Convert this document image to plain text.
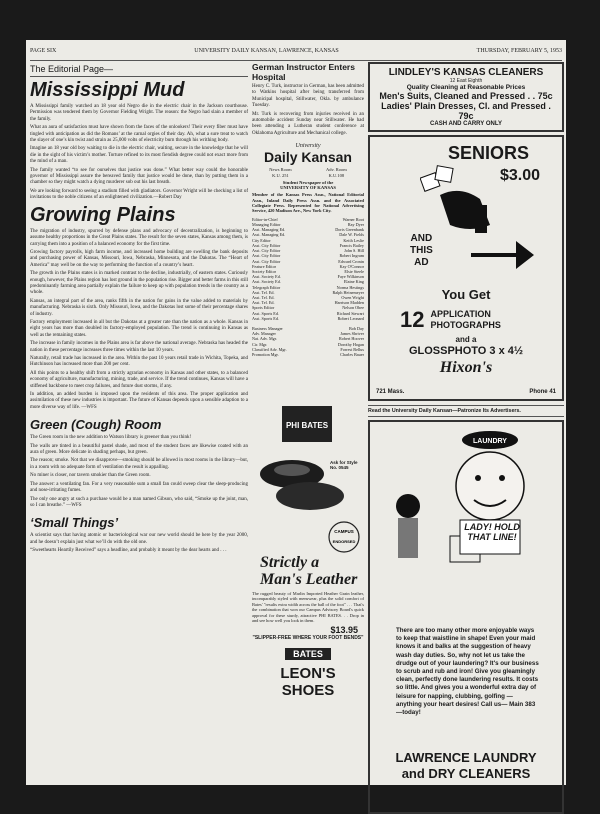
PAGE SIX	UNIVERSITY DAILY KANSAN, LAWRENCE, KANSAS	THURSDAY, FEBRUARY 5, 1953
The Editorial Page—
Mississippi Mud

A Mississippi family watched an 18 year old Negro die in the electric chair in the Jackson courthouse. Permission was tendered them by Governor Fielding Wright. The reason: the Negro had slain a member of the family.

What an aura of satisfaction must have shown from the faces of the onlookers! Their every fiber must have tingled with anticipation as did the Romans’ at the carnal orgies of their day. Ah, what a sure treat to watch the slayer of one’s kin twist and strain as 25,000 volts of electricity burn through his writhing body.

Imagine an 18 year old boy waiting to die in the electric chair, waiting, secure in the knowledge that he will die in the sight of his victim’s mother. Torture refined to its most fiendish degree could not exact more from the mind of a man.

The family wanted “to see for ourselves that justice was done.” What better way could the honorable governor of Mississippi assure the bereaved family that justice would be done, than by putting them in a chamber so they might watch a dying murderer sob out his last breath.

We are looking forward to seeing a stadium filled with gladiators. Governor Wright will be checking a list of invitations to the noble citizens of an enlightened civilization.—Robert Day

Growing Plains

The migration of industry, spurred by defense plans and advocacy of decentralization, is beginning to assume healthy proportions in the Great Plains states. The result for the seven states, Kansas among them, is carrying them into a position of a balanced economy for the first time.

Growing factory payrolls, high farm income, and increased home building are swelling the bank deposits and purchasing power of Kansas, Missouri, Iowa, Nebraska, Minnesota, and the Dakotas. The “Heart of America” may well be on the way to performing the function of a country’s heart.

The growth in the Plains states is in marked contrast to the decline, industrially, of eastern states. Curiously enough, however, the Plains region has lost ground in the population rise. Bigger and better farms in this still predominantly farming area partially explain the failure to keep up with population trends in the country as a whole.

Kansas, an integral part of the area, ranks fifth in the nation for gains in the value added to materials by manufacturing. Nebraska is sixth. Only Missouri, Iowa, and the Dakotas lost some of their percentage shares of industry.

Factory employment increased in all but the Dakotas at a greater rate than the nation as a whole. Kansas in eight years has more than doubled its factory-employed population. The trend is continuing in Kansas as well as the remaining states.

The increase in family incomes in the Plains area is far above the national average. Nebraska has headed the nation in these percentage increases three times within the last 10 years.

Naturally, retail trade has increased in the area. Within the past 10 years retail trade in Wichita, Topeka, and Hutchinson has increased more than 200 per cent.

All this points to a healthy shift from a strictly agrarian economy in Kansas and other states, to a balanced economy of agriculture, manufacturing, mining, trade, and service. If the trend continues, Kansas will have a stiffened backbone to meet crop failures, and future dust storms, if any.

In addition, an added burden is imposed upon the residents of this area. The proper application and assimilation of these new industries is important. The future of Kansas depends upon a sensible adaption to a more diverse way of life. —WFS

Green (Cough) Room

The Green room in the new addition to Watson library is greener than you think!

The walls are tinted in a beautiful pastel shade, and most of the student faces are likewise coated with an aura of green. More delicate in shading perhaps, but green.

The reason; smoke. Not that we disapprove—smoking should be allowed in most rooms in the library—but, in a room with no adequate form of ventilation the result is appalling.

No miner is closer, nor tavern smokier than the Green room.

The answer: a ventilating fan. For a very reasonable sum a small fan could sweep clear the sleep-producing and nose-irritating fumes.

The only one angry at such a purchase would be a man named Gibson, who said, “Smoke up the joint, man, so I can breathe.” —WFS

‘Small Things’

A scientist says that having atomic or bacteriological war our new world should be here by the year 2000, and he doesn’t explain just what we’ll do with the old one.

“Sweethearts Heartily Received” says a headline, and probably it meant by the dear hearts and . . .

German Instructor Enters Hospital

Henry C. Turk, instructor in German, has been admitted to Watkins hospital after being transferred from Municipal hospital, Stillwater, Okla. by ambulance Tuesday.

Mr. Turk is recovering from injuries received in an automobile accident Sunday near Stillwater. He had been attending a Lutheran student conference at Oklahoma Agriculture and Mechanical college.

University
Daily Kansan
News Room
K.U. 251
Adv. Room
K.U.108
Student Newspaper of the
UNIVERSITY OF KANSAS

Member of the Kansas Press Assn., National Editorial Assn., Inland Daily Press Assn. and the Associated Collegiate Press. Represented for National Advertising Service, 420 Madison Ave., New York City.

Editor-in-Chief	Warner Root
Managing Editor	Ray Dyer
Asst. Managing Ed.	Doris Greenbank
Asst. Managing Ed.	Dale W. Fields
City Editor	Keith Leslie
Asst. City Editor	Francis Bailey
Asst. City Editor	John S. Hill
Asst. City Editor	Robert Ingram
Asst. City Editor	Edward Cronin
Feature Editor	Kay O'Connor
Society Editor	Elsie Steele
Asst. Society Ed.	Faye Wilkinson
Asst. Society Ed.	Elaine King
Telegraph Editor	Norma Hestings
Asst. Tel. Ed.	Ralph Heinemeyer
Asst. Tel. Ed.	Owen Wright
Asst. Tel. Ed.	Harrison Madden
Sports Editor	Nelson Obee
Asst. Sports Ed.	Richard Stewart
Asst. Sports Ed.	Robert Leonard
Business Manager	Bob Day
Adv. Manager	James Shriver
Nat. Adv. Mgr.	Robert Hoover
Cir. Mgr.	Dorothy Hogan
Classified Adv. Mgr.	Forrest Bellus
Promotion Mgr.	Charles Bauer
PHI BATES
Ask for Style No. 0545
CAMPUS
ENDORSED
Strictly a
Man's Leather

The rugged beauty of Marlin Imported Heather Grain leather, incomparably styled with menswear, plus the solid comfort of Bates' "results extra width across the ball of the foot" . . . That's the combination that won our Campus Advisory Board's quick approval for these sturdy, attractive PHI BATES. . . Drop in and see how well you look in them.

$13.95
"SLIPPER-FREE WHERE YOUR FOOT BENDS"
BATES
LEON'S
SHOES
LINDLEY'S KANSAS CLEANERS
12 East Eighth
Quality Cleaning at Reasonable Prices
Men's Suits, Cleaned and Pressed . . 75c
Ladies' Plain Dresses, Cl. and Pressed . 79c
CASH AND CARRY ONLY
SENIORS
$3.00
AND
THIS
AD
You Get
12 APPLICATION
PHOTOGRAPHS
and a
GLOSSPHOTO 3 x 4½
Hixon's
721 Mass.	Phone 41
Read the University Daily Kansan—Patronize Its Advertisers.
LAUNDRY
LADY! HOLD THAT LINE!
There are too many other more enjoyable ways to keep that waistline in shape! Even your maid knows it and balks at the suggestion of heavy wash day duties. So, why not let us take the drudge out of your laundering? It's our business to scrub and rub and iron! Give you gleamingly clean, perfectly done laundering results. It costs so little. And gives you a wonderful extra day of leisure for napping, clubbing, golfing — anything your heart desires! Call us— Main 383—today!
LAWRENCE LAUNDRY
and DRY CLEANERS
